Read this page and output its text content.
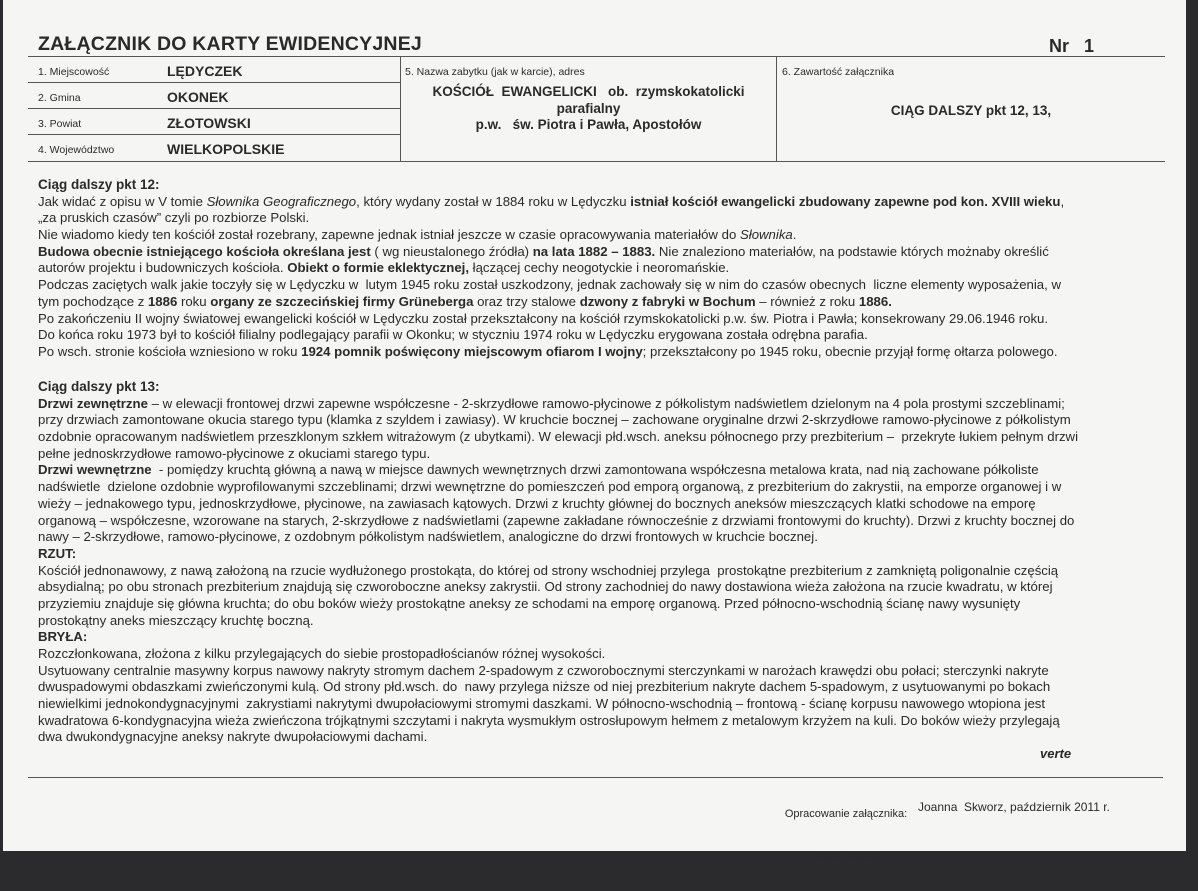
ZAŁĄCZNIK DO KARTY EWIDENCYJNEJ	Nr   1
1. Miejscowość	LĘDYCZEK
2. Gmina	OKONEK
3. Powiat	ZŁOTOWSKI
4. Województwo	WIELKOPOLSKIE
5. Nazwa zabytku (jak w karcie), adres
KOŚCIÓŁ  EWANGELICKI   ob.  rzymskokatolicki
parafialny
p.w.   św. Piotra i Pawła, Apostołów
6. Zawartość załącznika
CIĄG DALSZY pkt 12, 13,
Ciąg dalszy pkt 12:
Jak widać z opisu w V tomie Słownika Geograficznego, który wydany został w 1884 roku w Lędyczku istniał kościół ewangelicki zbudowany zapewne pod kon. XVIII wieku,
„za pruskich czasów” czyli po rozbiorze Polski.
Nie wiadomo kiedy ten kościół został rozebrany, zapewne jednak istniał jeszcze w czasie opracowywania materiałów do Słownika.
Budowa obecnie istniejącego kościoła określana jest ( wg nieustalonego źródła) na lata 1882 – 1883. Nie znaleziono materiałów, na podstawie których możnaby określić
autorów projektu i budowniczych kościoła. Obiekt o formie eklektycznej, łączącej cechy neogotyckie i neoromańskie.
Podczas zaciętych walk jakie toczyły się w Lędyczku w  lutym 1945 roku został uszkodzony, jednak zachowały się w nim do czasów obecnych  liczne elementy wyposażenia, w
tym pochodzące z 1886 roku organy ze szczecińskiej firmy Grüneberga oraz trzy stalowe dzwony z fabryki w Bochum – również z roku 1886.
Po zakończeniu II wojny światowej ewangelicki kościół w Lędyczku został przekształcony na kościół rzymskokatolicki p.w. św. Piotra i Pawła; konsekrowany 29.06.1946 roku.
Do końca roku 1973 był to kościół filialny podlegający parafii w Okonku; w styczniu 1974 roku w Lędyczku erygowana została odrębna parafia.
Po wsch. stronie kościoła wzniesiono w roku 1924 pomnik poświęcony miejscowym ofiarom I wojny; przekształcony po 1945 roku, obecnie przyjął formę ołtarza polowego.
Ciąg dalszy pkt 13:
Drzwi zewnętrzne – w elewacji frontowej drzwi zapewne współczesne - 2-skrzydłowe ramowo-płycinowe z półkolistym nadświetlem dzielonym na 4 pola prostymi szczeblinami;
przy drzwiach zamontowane okucia starego typu (klamka z szyldem i zawiasy). W kruchcie bocznej – zachowane oryginalne drzwi 2-skrzydłowe ramowo-płycinowe z półkolistym
ozdobnie opracowanym nadświetlem przeszklonym szkłem witrażowym (z ubytkami). W elewacji płd.wsch. aneksu północnego przy prezbiterium –  przekryte łukiem pełnym drzwi
pełne jednoskrzydłowe ramowo-płycinowe z okuciami starego typu.
Drzwi wewnętrzne  - pomiędzy kruchtą główną a nawą w miejsce dawnych wewnętrznych drzwi zamontowana współczesna metalowa krata, nad nią zachowane półkoliste
nadświetle  dzielone ozdobnie wyprofilowanymi szczeblinami; drzwi wewnętrzne do pomieszczeń pod emporą organową, z prezbiterium do zakrystii, na emporze organowej i w
wieży – jednakowego typu, jednoskrzydłowe, płycinowe, na zawiasach kątowych. Drzwi z kruchty głównej do bocznych aneksów mieszczących klatki schodowe na emporę
organową – współczesne, wzorowane na starych, 2-skrzydłowe z nadświetlami (zapewne zakładane równocześnie z drzwiami frontowymi do kruchty). Drzwi z kruchty bocznej do
nawy – 2-skrzydłowe, ramowo-płycinowe, z ozdobnym półkolistym nadświetlem, analogiczne do drzwi frontowych w kruchcie bocznej.
RZUT:
Kościół jednonawowy, z nawą założoną na rzucie wydłużonego prostokąta, do której od strony wschodniej przylega  prostokątne prezbiterium z zamkniętą poligonalnie częścią
absydialną; po obu stronach prezbiterium znajdują się czworoboczne aneksy zakrystii. Od strony zachodniej do nawy dostawiona wieża założona na rzucie kwadratu, w której
przyziemiu znajduje się główna kruchta; do obu boków wieży prostokątne aneksy ze schodami na emporę organową. Przed północno-wschodnią ścianę nawy wysunięty
prostokątny aneks mieszczący kruchtę boczną.
BRYŁA:
Rozczłonkowana, złożona z kilku przylegających do siebie prostopadłościanów różnej wysokości.
Usytuowany centralnie masywny korpus nawowy nakryty stromym dachem 2-spadowym z czworobocznymi sterczynkami w narożach krawędzi obu połaci; sterczynki nakryte
dwuspadowymi obdaszkami zwieńczonymi kulą. Od strony płd.wsch. do  nawy przylega niższe od niej prezbiterium nakryte dachem 5-spadowym, z usytuowanymi po bokach
niewielkimi jednokondygnacyjnymi  zakrystiami nakrytymi dwupołaciowymi stromymi daszkami. W północno-wschodnią – frontową - ścianę korpusu nawowego wtopiona jest
kwadratowa 6-kondygnacyjna wieża zwieńczona trójkątnymi szczytami i nakryta wysmukłym ostrosłupowym hełmem z metalowym krzyżem na kuli. Do boków wieży przylegają
dwa dwukondygnacyjne aneksy nakryte dwupołaciowymi dachami.
verte

Opracowanie załącznika:

(data i podpis)

Joanna  Skworz, październik 2011 r.
